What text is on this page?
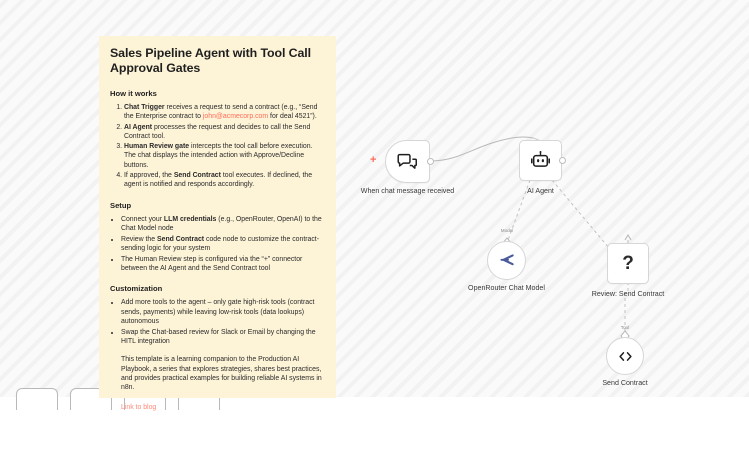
Sales Pipeline Agent with Tool Call Approval Gates
How it works
1. Chat Trigger receives a request to send a contract (e.g., “Send the Enterprise contract to john@acmecorp.com for deal 4521”).
2. AI Agent processes the request and decides to call the Send Contract tool.
3. Human Review gate intercepts the tool call before execution. The chat displays the intended action with Approve/Decline buttons.
4. If approved, the Send Contract tool executes. If declined, the agent is notified and responds accordingly.
Setup
• Connect your LLM credentials (e.g., OpenRouter, OpenAI) to the Chat Model node
• Review the Send Contract code node to customize the contract-sending logic for your system
• The Human Review step is configured via the “+” connector between the AI Agent and the Send Contract tool
Customization
• Add more tools to the agent – only gate high-risk tools (contract sends, payments) while leaving low-risk tools (data lookups) autonomous
• Swap the Chat-based review for Slack or Email by changing the HITL integration

This template is a learning companion to the Production AI Playbook, a series that explores strategies, shares best practices, and provides practical examples for building reliable AI systems in n8n.

Link to blog
+
When chat message received	AI Agent
Model
OpenRouter Chat Model
?
Review: Send Contract
Tool
Send Contract
